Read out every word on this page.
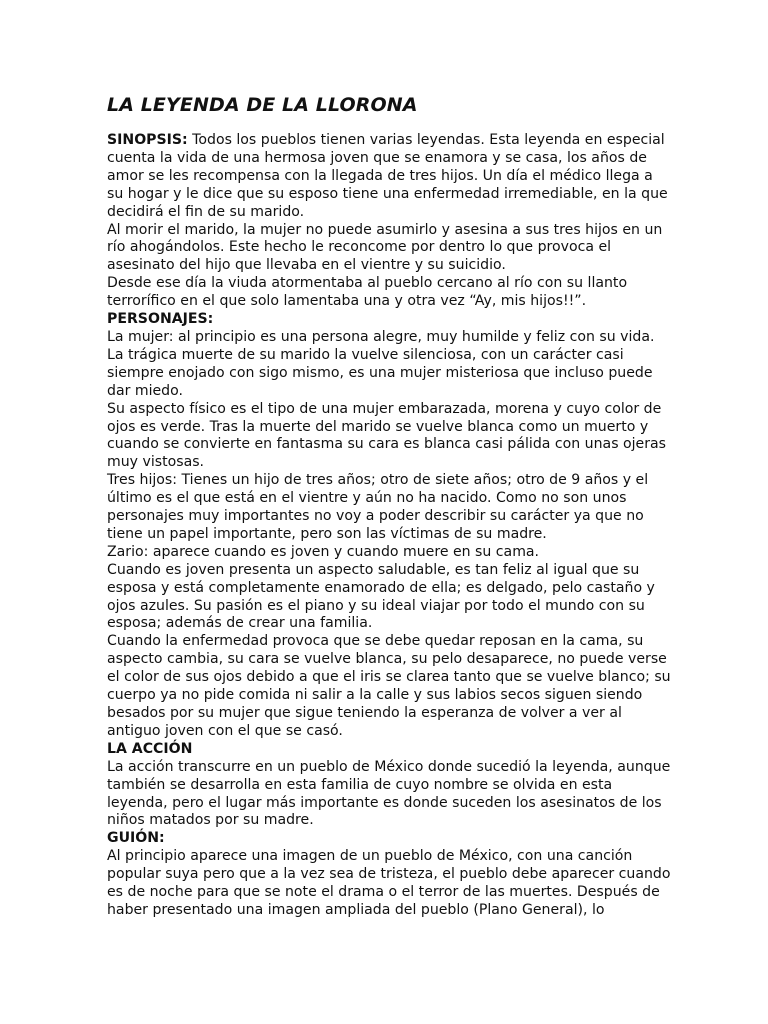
LA LEYENDA DE LA LLORONA

SINOPSIS: Todos los pueblos tienen varias leyendas. Esta leyenda en especial

cuenta la vida de una hermosa joven que se enamora y se casa, los años de

amor se les recompensa con la llegada de tres hijos. Un día el médico llega a

su hogar y le dice que su esposo tiene una enfermedad irremediable, en la que

decidirá el fin de su marido.

Al morir el marido, la mujer no puede asumirlo y asesina a sus tres hijos en un

río ahogándolos. Este hecho le reconcome por dentro lo que provoca el

asesinato del hijo que llevaba en el vientre y su suicidio.

Desde ese día la viuda atormentaba al pueblo cercano al río con su llanto

terrorífico en el que solo lamentaba una y otra vez “Ay, mis hijos!!”.

PERSONAJES:

La mujer: al principio es una persona alegre, muy humilde y feliz con su vida.

La trágica muerte de su marido la vuelve silenciosa, con un carácter casi

siempre enojado con sigo mismo, es una mujer misteriosa que incluso puede

dar miedo.

Su aspecto físico es el tipo de una mujer embarazada, morena y cuyo color de

ojos es verde. Tras la muerte del marido se vuelve blanca como un muerto y

cuando se convierte en fantasma su cara es blanca casi pálida con unas ojeras

muy vistosas.

Tres hijos: Tienes un hijo de tres años; otro de siete años; otro de 9 años y el

último es el que está en el vientre y aún no ha nacido. Como no son unos

personajes muy importantes no voy a poder describir su carácter ya que no

tiene un papel importante, pero son las víctimas de su madre.

Zario: aparece cuando es joven y cuando muere en su cama.

Cuando es joven presenta un aspecto saludable, es tan feliz al igual que su

esposa y está completamente enamorado de ella; es delgado, pelo castaño y

ojos azules. Su pasión es el piano y su ideal viajar por todo el mundo con su

esposa; además de crear una familia.

Cuando la enfermedad provoca que se debe quedar reposan en la cama, su

aspecto cambia, su cara se vuelve blanca, su pelo desaparece, no puede verse

el color de sus ojos debido a que el iris se clarea tanto que se vuelve blanco; su

cuerpo ya no pide comida ni salir a la calle y sus labios secos siguen siendo

besados por su mujer que sigue teniendo la esperanza de volver a ver al

antiguo joven con el que se casó.

LA ACCIÓN

La acción transcurre en un pueblo de México donde sucedió la leyenda, aunque

también se desarrolla en esta familia de cuyo nombre se olvida en esta

leyenda, pero el lugar más importante es donde suceden los asesinatos de los

niños matados por su madre.

GUIÓN:

Al principio aparece una imagen de un pueblo de México, con una canción

popular suya pero que a la vez sea de tristeza, el pueblo debe aparecer cuando

es de noche para que se note el drama o el terror de las muertes. Después de

haber presentado una imagen ampliada del pueblo (Plano General), lo
